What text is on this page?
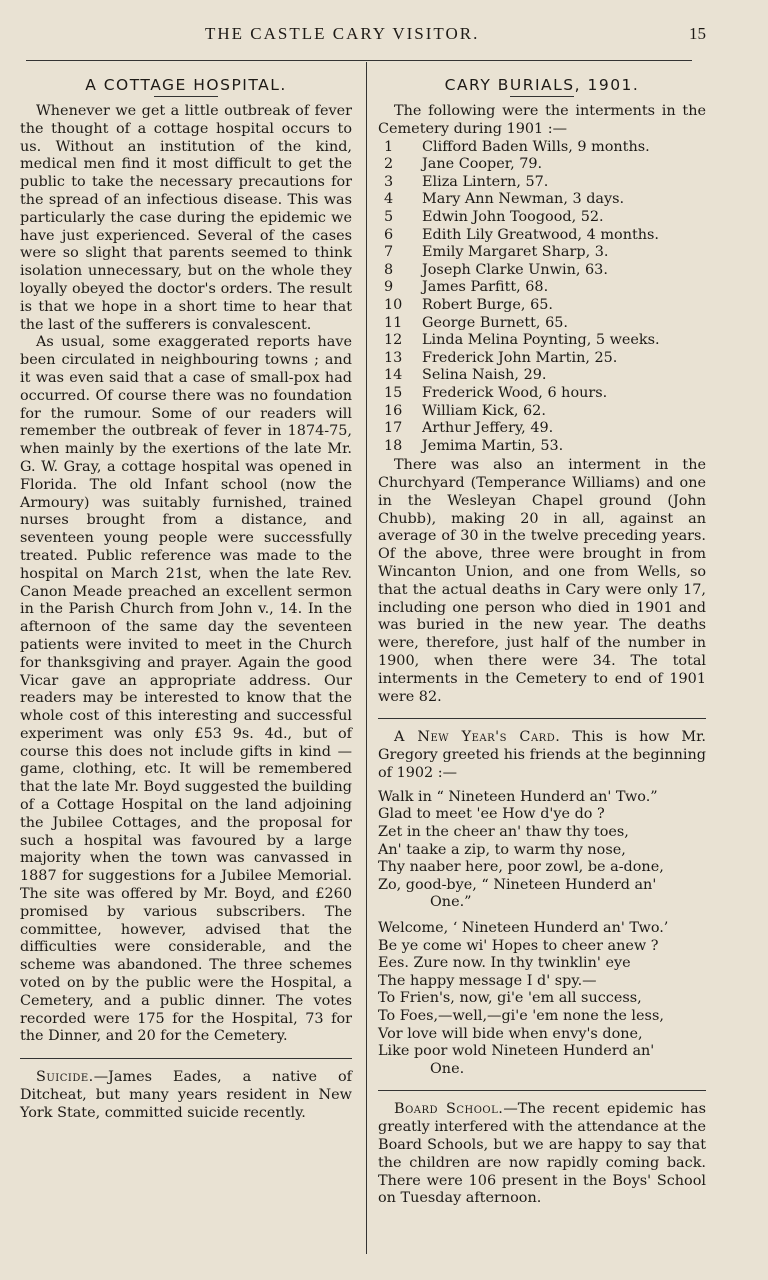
THE CASTLE CARY VISITOR.	15
A COTTAGE HOSPITAL.

Whenever we get a little outbreak of fever the thought of a cottage hospital occurs to us. Without an institution of the kind, medical men find it most difficult to get the public to take the necessary precautions for the spread of an infectious disease. This was particularly the case during the epidemic we have just experienced. Several of the cases were so slight that parents seemed to think isolation unnecessary, but on the whole they loyally obeyed the doctor's orders. The result is that we hope in a short time to hear that the last of the sufferers is convalescent.

As usual, some exaggerated reports have been circulated in neighbouring towns ; and it was even said that a case of small-pox had occurred. Of course there was no foundation for the rumour. Some of our readers will remember the outbreak of fever in 1874-75, when mainly by the exertions of the late Mr. G. W. Gray, a cottage hospital was opened in Florida. The old Infant school (now the Armoury) was suitably furnished, trained nurses brought from a distance, and seventeen young people were successfully treated. Public reference was made to the hospital on March 21st, when the late Rev. Canon Meade preached an excellent sermon in the Parish Church from John v., 14. In the afternoon of the same day the seventeen patients were invited to meet in the Church for thanksgiving and prayer. Again the good Vicar gave an appropriate address. Our readers may be interested to know that the whole cost of this interesting and successful experiment was only £53 9s. 4d., but of course this does not include gifts in kind —game, clothing, etc. It will be remembered that the late Mr. Boyd suggested the building of a Cottage Hospital on the land adjoining the Jubilee Cottages, and the proposal for such a hospital was favoured by a large majority when the town was canvassed in 1887 for suggestions for a Jubilee Memorial. The site was offered by Mr. Boyd, and £260 promised by various subscribers. The committee, however, advised that the difficulties were considerable, and the scheme was abandoned. The three schemes voted on by the public were the Hospital, a Cemetery, and a public dinner. The votes recorded were 175 for the Hospital, 73 for the Dinner, and 20 for the Cemetery.

Suicide.—James Eades, a native of Ditcheat, but many years resident in New York State, committed suicide recently.

CARY BURIALS, 1901.

The following were the interments in the Cemetery during 1901 :—

1	Clifford Baden Wills, 9 months.
2	Jane Cooper, 79.
3	Eliza Lintern, 57.
4	Mary Ann Newman, 3 days.
5	Edwin John Toogood, 52.
6	Edith Lily Greatwood, 4 months.
7	Emily Margaret Sharp, 3.
8	Joseph Clarke Unwin, 63.
9	James Parfitt, 68.
10	Robert Burge, 65.
11	George Burnett, 65.
12	Linda Melina Poynting, 5 weeks.
13	Frederick John Martin, 25.
14	Selina Naish, 29.
15	Frederick Wood, 6 hours.
16	William Kick, 62.
17	Arthur Jeffery, 49.
18	Jemima Martin, 53.

There was also an interment in the Churchyard (Temperance Williams) and one in the Wesleyan Chapel ground (John Chubb), making 20 in all, against an average of 30 in the twelve preceding years. Of the above, three were brought in from Wincanton Union, and one from Wells, so that the actual deaths in Cary were only 17, including one person who died in 1901 and was buried in the new year. The deaths were, therefore, just half of the number in 1900, when there were 34. The total interments in the Cemetery to end of 1901 were 82.

A New Year's Card. This is how Mr. Gregory greeted his friends at the beginning of 1902 :—

Walk in “ Nineteen Hunderd an' Two.”
Glad to meet 'ee How d'ye do ?
Zet in the cheer an' thaw thy toes,
An' taake a zip, to warm thy nose,
Thy naaber here, poor zowl, be a-done,
Zo, good-bye, “ Nineteen Hunderd an'
One.”
Welcome, ‘ Nineteen Hunderd an' Two.’
Be ye come wi' Hopes to cheer anew ?
Ees. Zure now. In thy twinklin' eye
The happy message I d' spy.—
To Frien's, now, gi'e 'em all success,
To Foes,—well,—gi'e 'em none the less,
Vor love will bide when envy's done,
Like poor wold Nineteen Hunderd an'
One.

Board School.—The recent epidemic has greatly interfered with the attendance at the Board Schools, but we are happy to say that the children are now rapidly coming back. There were 106 present in the Boys' School on Tuesday afternoon.
